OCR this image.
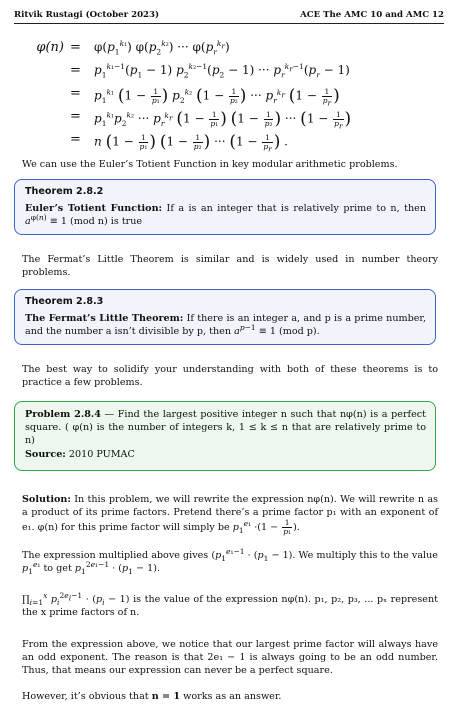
Ritvik Rustagi (October 2023)	ACE The AMC 10 and AMC 12
$\varphi(n) = \varphi(p_1^{k_1})$ $\varphi(p_2^{k_2})$ ··· $\varphi(p_r^{k_r})$
= $p_1^{k_1-1}(p_1 - 1) p_2^{k_2-1}(p_2 - 1)$ ··· $p_r^{k_r-1}(p_r - 1)$
= $p_1^{k_1}$ ($1 - \frac{1}{\text{p₁}}$ ) $p_2^{k_2}$ ($1 - \frac{1}{\text{p₂}}$ ) ··· $p_r^{k_r}$ ($1 - \frac{1}{p_r}$ )
= $p_1^{k_1}p_2^{k_2}$ ··· $p_r^{k_r}$ ($1 - \frac{1}{\text{p₁}}$ ) ($1 - \frac{1}{\text{p₂}}$ ) ··· ($1 - \frac{1}{p_r}$ )
= n ($1 - \frac{1}{\text{p₁}}$ ) ($1 - \frac{1}{\text{p₂}}$ ) ··· ($1 - \frac{1}{p_r}$ ) .
We can use the Euler’s Totient Function in key modular arithmetic problems.
Theorem 2.8.2
Euler’s Totient Function: If a is an integer that is relatively prime to n, then $a^{\varphi(n)} \equiv 1$ (mod n) is true
The Fermat’s Little Theorem is similar and is widely used in number theory problems.
Theorem 2.8.3
The Fermat’s Little Theorem: If there is an integer a, and p is a prime number, and the number a isn’t divisible by p, then $a^{p-1} \equiv 1$ (mod p).
The best way to solidify your understanding with both of these theorems is to practice a few problems.
Problem 2.8.4 — Find the largest positive integer n such that nφ(n) is a perfect square. ( φ(n) is the number of integers k, 1 ≤ k ≤ n that are relatively prime to n)
Source: 2010 PUMAC
Solution: In this problem, we will rewrite the expression nφ(n). We will rewrite n as a product of its prime factors. Pretend there’s a prime factor p₁ with an exponent of e₁. φ(n) for this prime factor will simply be $p_1^{e_1} \cdot(1 - \frac{1}{\text{p₁}}$ ).
The expression multiplied above gives ($p_1^{e_1-1} \cdot (p_1 - 1)$. We multiply this to the value $p_1^{e_1}$ to get $p_1^{2e_1-1} \cdot (p_1 - 1)$.
$\prod_{i=1}^x$ $p_i^{2e_i-1} \cdot (p_i - 1)$ is the value of the expression nφ(n). p₁, p₂, p₃, ... pₓ represent the x prime factors of n.
From the expression above, we notice that our largest prime factor will always have an odd exponent. The reason is that 2e₁ − 1 is always going to be an odd number. Thus, that means our expression can never be a perfect square.
However, it’s obvious that n = 1 works as an answer.
